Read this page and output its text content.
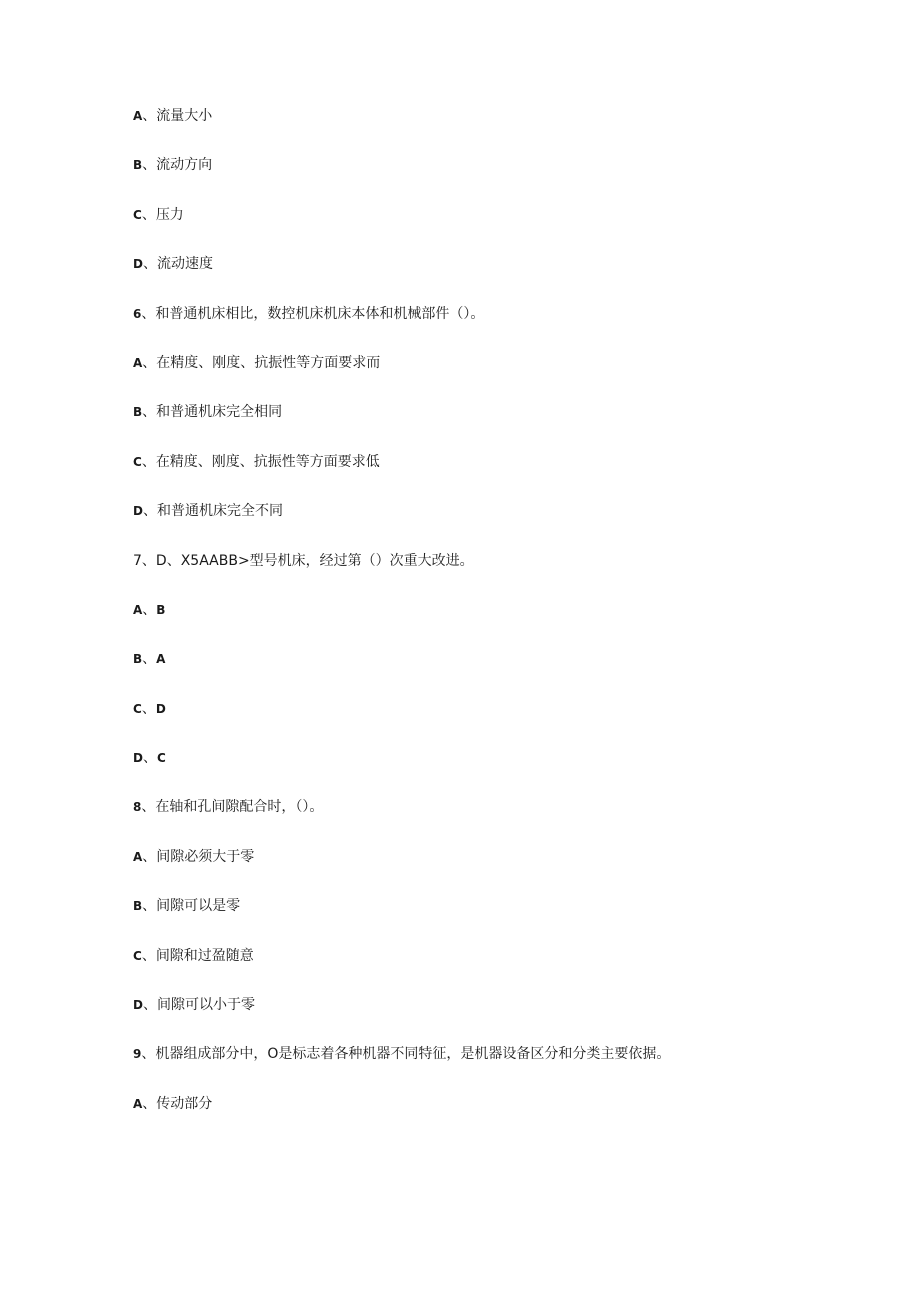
A、流量大小
B、流动方向
C、压力
D、流动速度
6、和普通机床相比，数控机床机床本体和机械部件（）。
A、在精度、刚度、抗振性等方面要求而
B、和普通机床完全相同
C、在精度、刚度、抗振性等方面要求低
D、和普通机床完全不同
7、D、X5AABB>型号机床，经过第（）次重大改进。
A、B
B、A
C、D
D、C
8、在轴和孔间隙配合时，（）。
A、间隙必须大于零
B、间隙可以是零
C、间隙和过盈随意
D、间隙可以小于零
9、机器组成部分中，O是标志着各种机器不同特征，是机器设备区分和分类主要依据。
A、传动部分
